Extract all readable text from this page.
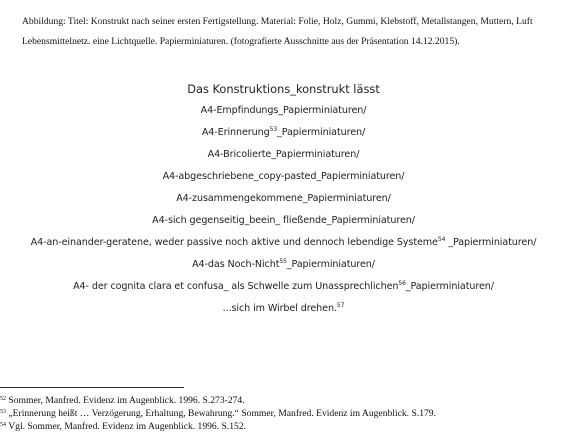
Abbildung: Titel: Konstrukt nach seiner ersten Fertigstellung. Material: Folie, Holz, Gummi, Klebstoff, Metallstangen, Muttern, Luft
Lebensmittelnetz. eine Lichtquelle. Papierminiaturen. (fotografierte Ausschnitte aus der Präsentation 14.12.2015).
Das Konstruktions_konstrukt lässt
A4-Empfindungs_Papierminiaturen/
A4-Erinnerung$^{53}$_Papierminiaturen/
A4-Bricolierte_Papierminiaturen/
A4-abgeschriebene_copy-pasted_Papierminiaturen/
A4-zusammengekommene_Papierminiaturen/
A4-sich gegenseitig_beein_ fließende_Papierminiaturen/
A4-an-einander-geratene, weder passive noch aktive und dennoch lebendige Systeme$^{54}$ _Papierminiaturen/
A4-das Noch-Nicht$^{55}$_Papierminiaturen/
A4- der cognita clara et confusa_ als Schwelle zum Unassprechlichen$^{56}$_Papierminiaturen/
...sich im Wirbel drehen.$^{57}$
$^{52}$ Sommer, Manfred. Evidenz im Augenblick. 1996. S.273-274.
$^{53}$ „Erinnerung heißt … Verzögerung, Erhaltung, Bewahrung.“ Sommer, Manfred. Evidenz im Augenblick. S.179.
$^{54}$ Vgl. Sommer, Manfred. Evidenz im Augenblick. 1996. S.152.
